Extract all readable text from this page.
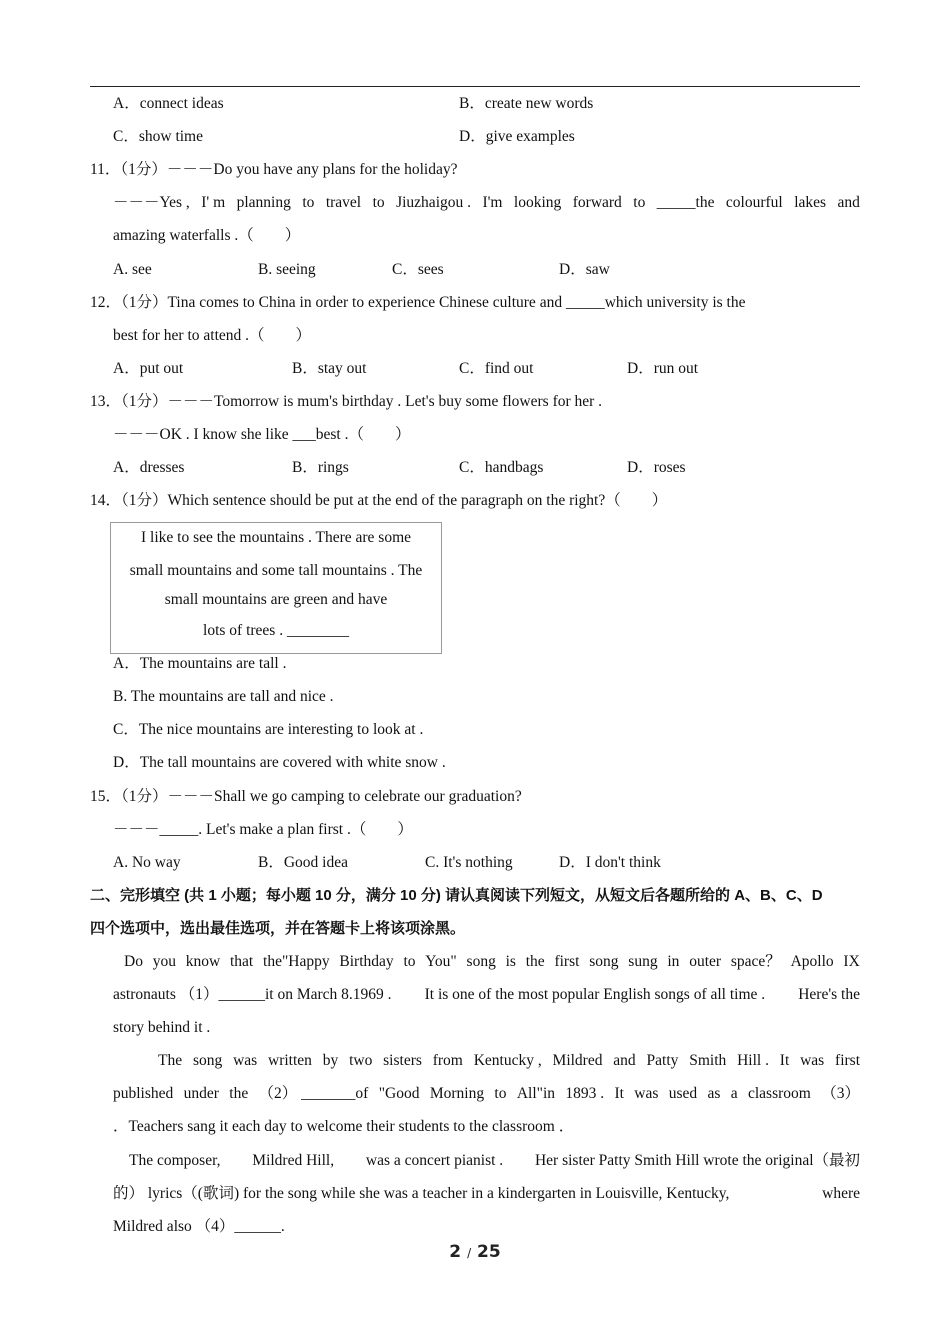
A．connect ideas	B．create new words
C．show time	D．give examples
11．（1分）－－－Do you have any plans for the holiday?
－－－Yes , I' m planning to travel to Jiuzhaigou . I'm looking forward to _____the colourful lakes and
amazing waterfalls .（　　）
A. see	B. seeing	C．sees	D．saw
12．（1分）Tina comes to China in order to experience Chinese culture and _____which university is the
best for her to attend .（　　）
A．put out	B．stay out	C．find out	D．run out
13．（1分）－－－Tomorrow is mum's birthday . Let's buy some flowers for her .
－－－OK . I know she like ___best .（　　）
A．dresses	B．rings	C．handbags	D．roses
14．（1分）Which sentence should be put at the end of the paragraph on the right?（　　）
I like to see the mountains . There are some
small mountains and some tall mountains . The
small mountains are green and have
lots of trees . ________
A．The mountains are tall .
B. The mountains are tall and nice .
C．The nice mountains are interesting to look at .
D．The tall mountains are covered with white snow .
15．（1分）－－－Shall we go camping to celebrate our graduation?
－－－_____. Let's make a plan first .（　　）
A. No way	B．Good idea	C. It's nothing	D．I don't think
二、完形填空 (共 1 小题；每小题 10 分，满分 10 分) 请认真阅读下列短文，从短文后各题所给的 A、B、C、D
四个选项中，选出最佳选项，并在答题卡上将该项涂黑。
Do you know that the"Happy Birthday to You" song is the first song sung in outer space？ Apollo IX
astronauts （1）______it on March 8.1969 . It is one of the most popular English songs of all time . Here's the
story behind it .
The song was written by two sisters from Kentucky , Mildred and Patty Smith Hill . It was first
published under the （2） _______of "Good Morning to All"in 1893 . It was used as a classroom （3）
．Teachers sang it each day to welcome their students to the classroom ．
The composer, Mildred Hill, was a concert pianist . Her sister Patty Smith Hill wrote the original（最初
的） lyrics（(歌词) for the song while she was a teacher in a kindergarten in Louisville, Kentucky,	where
Mildred also （4）______.
2 / 25
